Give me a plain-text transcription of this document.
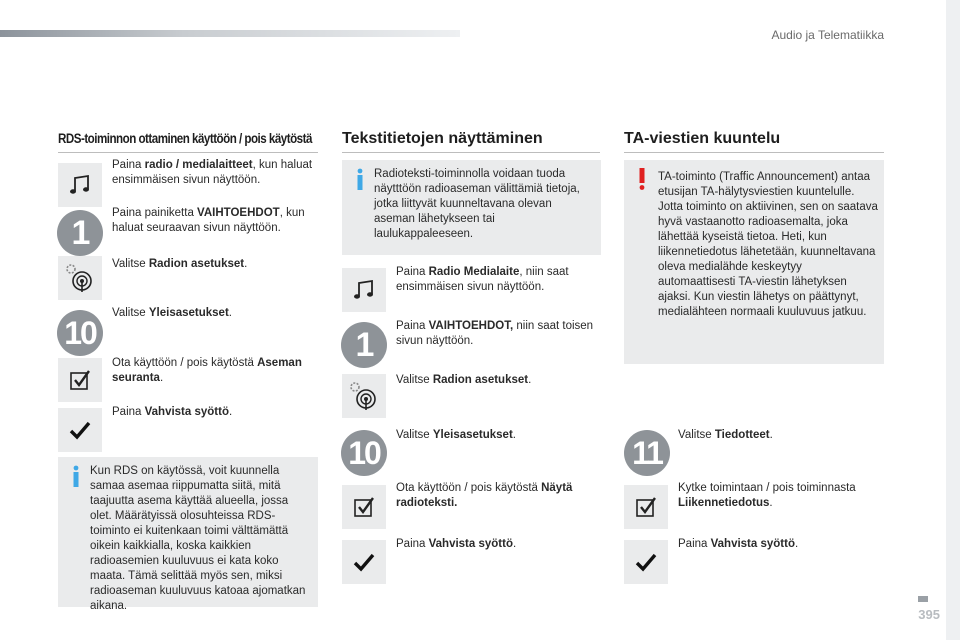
Audio ja Telematiikka
RDS-toiminnon ottaminen käyttöön / pois käytöstä
Paina radio / medialaitteet, kun haluat ensimmäisen sivun näyttöön.
1
Paina painiketta VAIHTOEHDOT, kun haluat seuraavan sivun näyttöön.
Valitse Radion asetukset.
10
Valitse Yleisasetukset.
Ota käyttöön / pois käytöstä Aseman seuranta.
Paina Vahvista syöttö.

Kun RDS on käytössä, voit kuunnella samaa asemaa riippumatta siitä, mitä taajuutta asema käyttää alueella, jossa olet. Määrätyissä olosuhteissa RDS-toiminto ei kuitenkaan toimi välttämättä oikein kaikkialla, koska kaikkien radioasemien kuuluvuus ei kata koko maata. Tämä selittää myös sen, miksi radioaseman kuuluvuus katoaa ajomatkan aikana.

Tekstitietojen näyttäminen

Radioteksti-toiminnolla voidaan tuoda näytttöön radioaseman välittämiä tietoja, jotka liittyvät kuunneltavana olevan aseman lähetykseen tai laulukappaleeseen.

Paina Radio Medialaite, niin saat ensimmäisen sivun näyttöön.
1	Paina VAIHTOEHDOT, niin saat toisen sivun näyttöön.
Valitse Radion asetukset.
10	Valitse Yleisasetukset.
Ota käyttöön / pois käytöstä Näytä radioteksti.
Paina Vahvista syöttö.
TA-viestien kuuntelu

TA-toiminto (Traffic Announcement) antaa etusijan TA-hälytysviestien kuuntelulle. Jotta toiminto on aktiivinen, sen on saatava hyvä vastaanotto radioasemalta, joka lähettää kyseistä tietoa. Heti, kun liikennetiedotus lähetetään, kuunneltavana oleva medialähde keskeytyy automaattisesti TA-viestin lähetyksen ajaksi. Kun viestin lähetys on päättynyt, medialähteen normaali kuuluvuus jatkuu.

11	Valitse Tiedotteet.
Kytke toimintaan / pois toiminnasta Liikennetiedotus.
Paina Vahvista syöttö.
395
